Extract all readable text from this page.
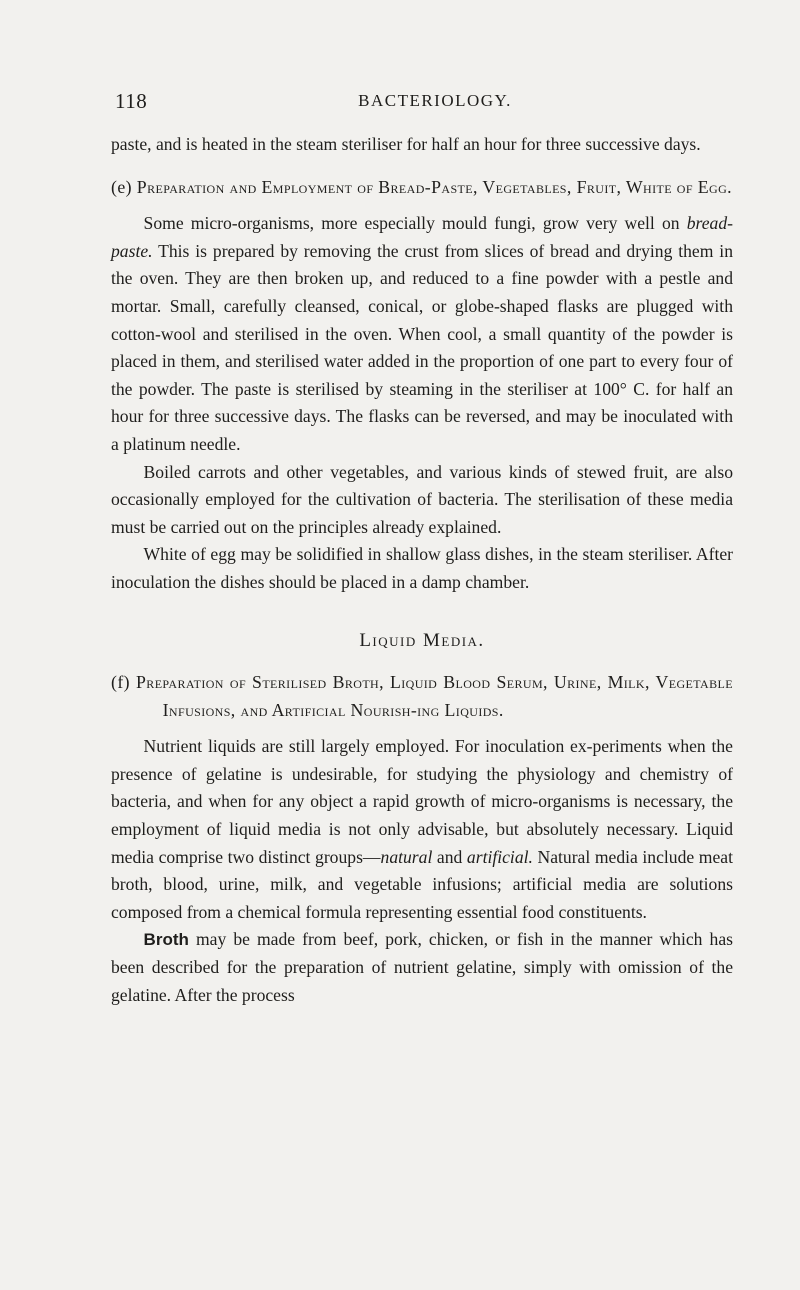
118	BACTERIOLOGY.

paste, and is heated in the steam steriliser for half an hour for three successive days.

(e) Preparation and Employment of Bread-Paste, Vegetables, Fruit, White of Egg.

Some micro-organisms, more especially mould fungi, grow very well on bread-paste. This is prepared by removing the crust from slices of bread and drying them in the oven. They are then broken up, and reduced to a fine powder with a pestle and mortar. Small, carefully cleansed, conical, or globe-shaped flasks are plugged with cotton-wool and sterilised in the oven. When cool, a small quantity of the powder is placed in them, and sterilised water added in the proportion of one part to every four of the powder. The paste is sterilised by steaming in the steriliser at 100° C. for half an hour for three successive days. The flasks can be reversed, and may be inoculated with a platinum needle.

Boiled carrots and other vegetables, and various kinds of stewed fruit, are also occasionally employed for the cultivation of bacteria. The sterilisation of these media must be carried out on the principles already explained.

White of egg may be solidified in shallow glass dishes, in the steam steriliser. After inoculation the dishes should be placed in a damp chamber.

Liquid Media.
(f) Preparation of Sterilised Broth, Liquid Blood Serum, Urine, Milk, Vegetable Infusions, and Artificial Nourish-ing Liquids.

Nutrient liquids are still largely employed. For inoculation ex-periments when the presence of gelatine is undesirable, for studying the physiology and chemistry of bacteria, and when for any object a rapid growth of micro-organisms is necessary, the employment of liquid media is not only advisable, but absolutely necessary. Liquid media comprise two distinct groups—natural and artificial. Natural media include meat broth, blood, urine, milk, and vegetable infusions; artificial media are solutions composed from a chemical formula representing essential food constituents.

Broth may be made from beef, pork, chicken, or fish in the manner which has been described for the preparation of nutrient gelatine, simply with omission of the gelatine. After the process
